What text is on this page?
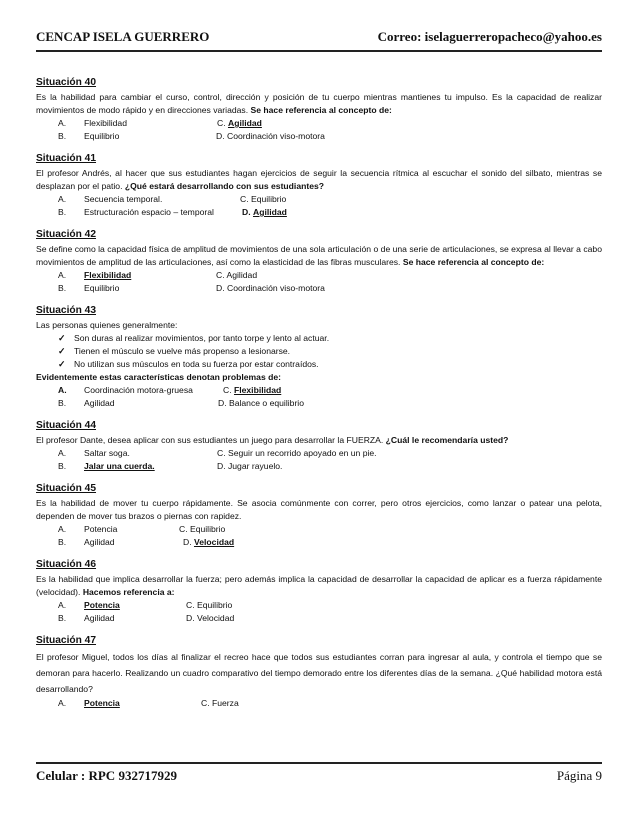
CENCAP ISELA GUERRERO	Correo: iselaguerreropacheco@yahoo.es
Situación 40
Es la habilidad para cambiar el curso, control, dirección y posición de tu cuerpo mientras mantienes tu impulso. Es la capacidad de realizar movimientos de modo rápido y en direcciones variadas. Se hace referencia al concepto de:
A. Flexibilidad	C. Agilidad
B. Equilibrio	D. Coordinación viso-motora
Situación 41
El profesor Andrés, al hacer que sus estudiantes hagan ejercicios de seguir la secuencia rítmica al escuchar el sonido del silbato, mientras se desplazan por el patio. ¿Qué estará desarrollando con sus estudiantes?
A. Secuencia temporal.	C. Equilibrio
B. Estructuración espacio – temporal	D. Agilidad
Situación 42
Se define como la capacidad física de amplitud de movimientos de una sola articulación o de una serie de articulaciones, se expresa al llevar a cabo movimientos de amplitud de las articulaciones, así como la elasticidad de las fibras musculares. Se hace referencia al concepto de:
A. Flexibilidad	C. Agilidad
B. Equilibrio	D. Coordinación viso-motora
Situación 43
Las personas quienes generalmente:
✓ Son duras al realizar movimientos, por tanto torpe y lento al actuar.
✓ Tienen el músculo se vuelve más propenso a lesionarse.
✓ No utilizan sus músculos en toda su fuerza por estar contraídos.
Evidentemente estas características denotan problemas de:
A. Coordinación motora-gruesa	C. Flexibilidad
B. Agilidad	D. Balance o equilibrio
Situación 44
El profesor Dante, desea aplicar con sus estudiantes un juego para desarrollar la FUERZA. ¿Cuál le recomendaría usted?
A. Saltar soga.	C. Seguir un recorrido apoyado en un pie.
B. Jalar una cuerda.	D. Jugar rayuelo.
Situación 45
Es la habilidad de mover tu cuerpo rápidamente. Se asocia comúnmente con correr, pero otros ejercicios, como lanzar o patear una pelota, dependen de mover tus brazos o piernas con rapidez.
A. Potencia	C. Equilibrio
B. Agilidad	D. Velocidad
Situación 46
Es la habilidad que implica desarrollar la fuerza; pero además implica la capacidad de desarrollar la capacidad de aplicar es a fuerza rápidamente (velocidad). Hacemos referencia a:
A. Potencia	C. Equilibrio
B. Agilidad	D. Velocidad
Situación 47
El profesor Miguel, todos los días al finalizar el recreo hace que todos sus estudiantes corran para ingresar al aula, y controla el tiempo que se demoran para hacerlo. Realizando un cuadro comparativo del tiempo demorado entre los diferentes días de la semana. ¿Qué habilidad motora está desarrollando?
A. Potencia	C. Fuerza
Celular : RPC 932717929	Página 9
